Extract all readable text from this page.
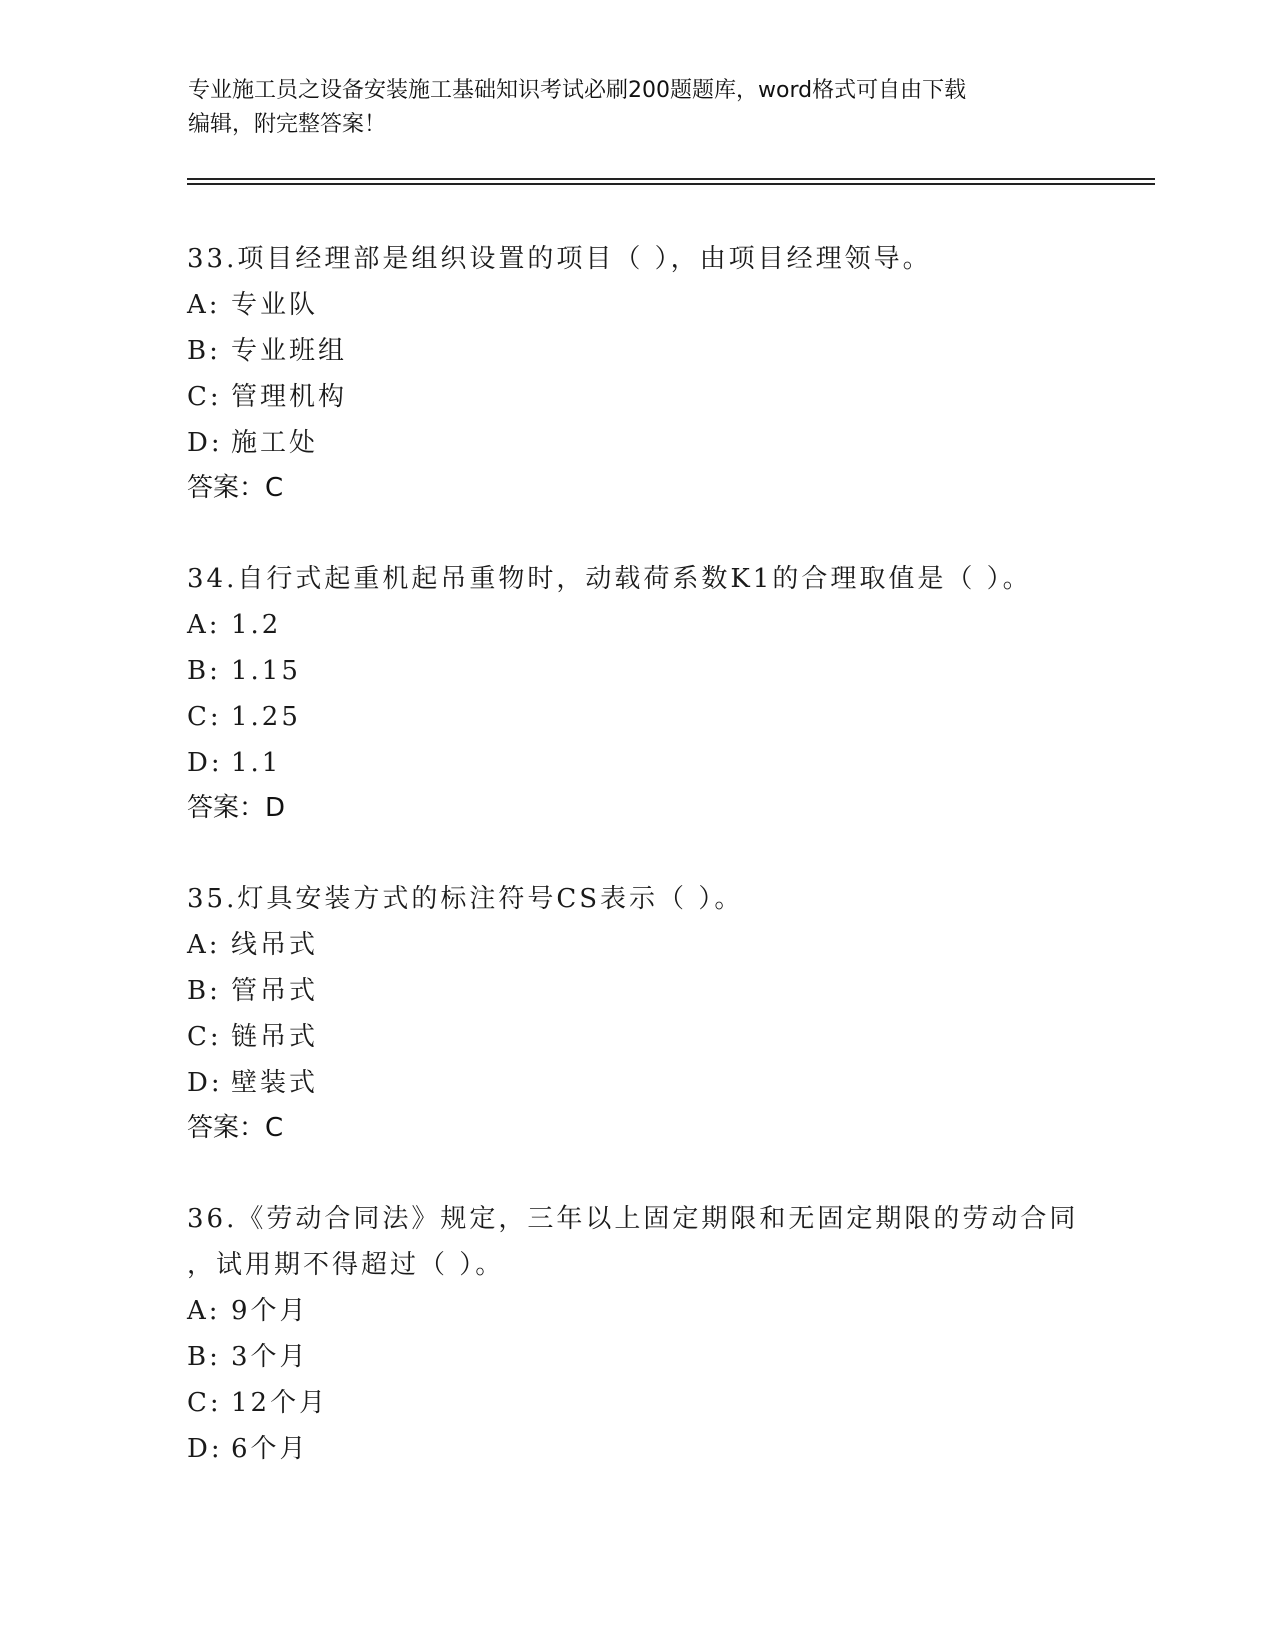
专业施工员之设备安装施工基础知识考试必刷200题题库，word格式可自由下载
编辑，附完整答案！
33.项目经理部是组织设置的项目（ ），由项目经理领导。
A: 专业队
B: 专业班组
C: 管理机构
D: 施工处
答案：C
34.自行式起重机起吊重物时，动载荷系数K1的合理取值是（ ）。
A: 1.2
B: 1.15
C: 1.25
D: 1.1
答案：D
35.灯具安装方式的标注符号CS表示（ ）。
A: 线吊式
B: 管吊式
C: 链吊式
D: 壁装式
答案：C
36.《劳动合同法》规定，三年以上固定期限和无固定期限的劳动合同
，试用期不得超过（ ）。
A: 9个月
B: 3个月
C: 12个月
D: 6个月
